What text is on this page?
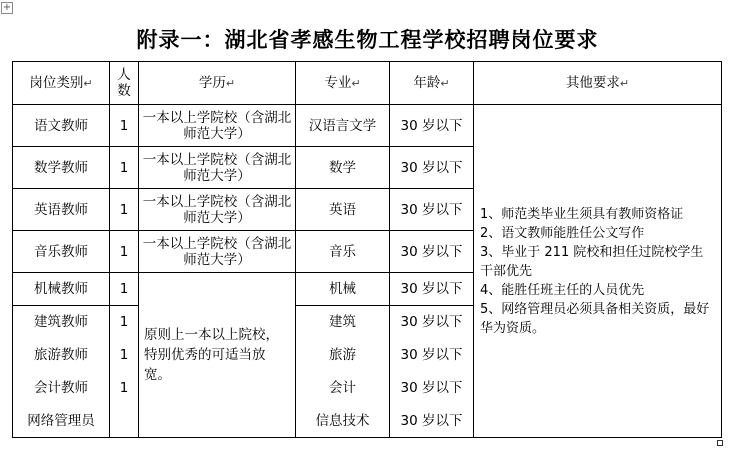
+
附录一：湖北省孝感生物工程学校招聘岗位要求
岗位类别↵	人数	学历↵	专业↵	年龄↵	其他要求↵
语文教师	1	一本以上学院校（含湖北师范大学）	汉语言文学	30 岁以下	1、师范类毕业生须具有教师资格证
2、语文教师能胜任公文写作
3、毕业于 211 院校和担任过院校学生干部优先
4、能胜任班主任的人员优先
5、网络管理员必须具备相关资质，最好华为资质。

数学教师	1	一本以上学院校（含湖北师范大学）	数学	30 岁以下	
英语教师	1	一本以上学院校（含湖北师范大学）	英语	30 岁以下	
音乐教师	1	一本以上学院校（含湖北师范大学）	音乐	30 岁以下	
机械教师	1	原则上一本以上院校，特别优秀的可适当放宽。	机械	30 岁以下	
建筑教师	1		建筑	30 岁以下	
旅游教师	1		旅游	30 岁以下	
会计教师	1		会计	30 岁以下	
网络管理员			信息技术	30 岁以下	
